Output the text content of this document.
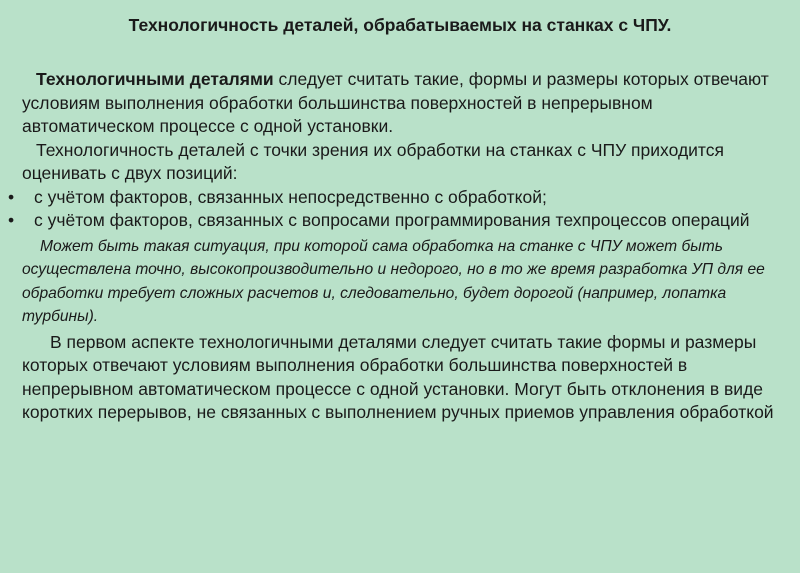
Технологичность деталей, обрабатываемых на станках с ЧПУ.

Технологичными деталями следует считать такие, формы и размеры которых отвечают условиям выполнения обработки большинства поверхностей в непрерывном автоматическом процессе с одной установки.

Технологичность деталей с точки зрения их обработки на станках с ЧПУ приходится оценивать с двух позиций:

• с учётом факторов, связанных непосредственно с обработкой;
• с учётом факторов, связанных с вопросами программирования техпроцессов операций

Может быть такая ситуация, при которой сама обработка на станке с ЧПУ может быть осуществлена точно, высокопроизводительно и недорого, но в то же время разработка УП для ее обработки требует сложных расчетов и, следовательно, будет дорогой (например, лопатка турбины).

В первом аспекте технологичными деталями следует считать такие формы и размеры которых отвечают условиям выполнения обработки большинства поверхностей в непрерывном автоматическом процессе с одной установки. Могут быть отклонения в виде коротких перерывов, не связанных с выполнением ручных приемов управления обработкой
